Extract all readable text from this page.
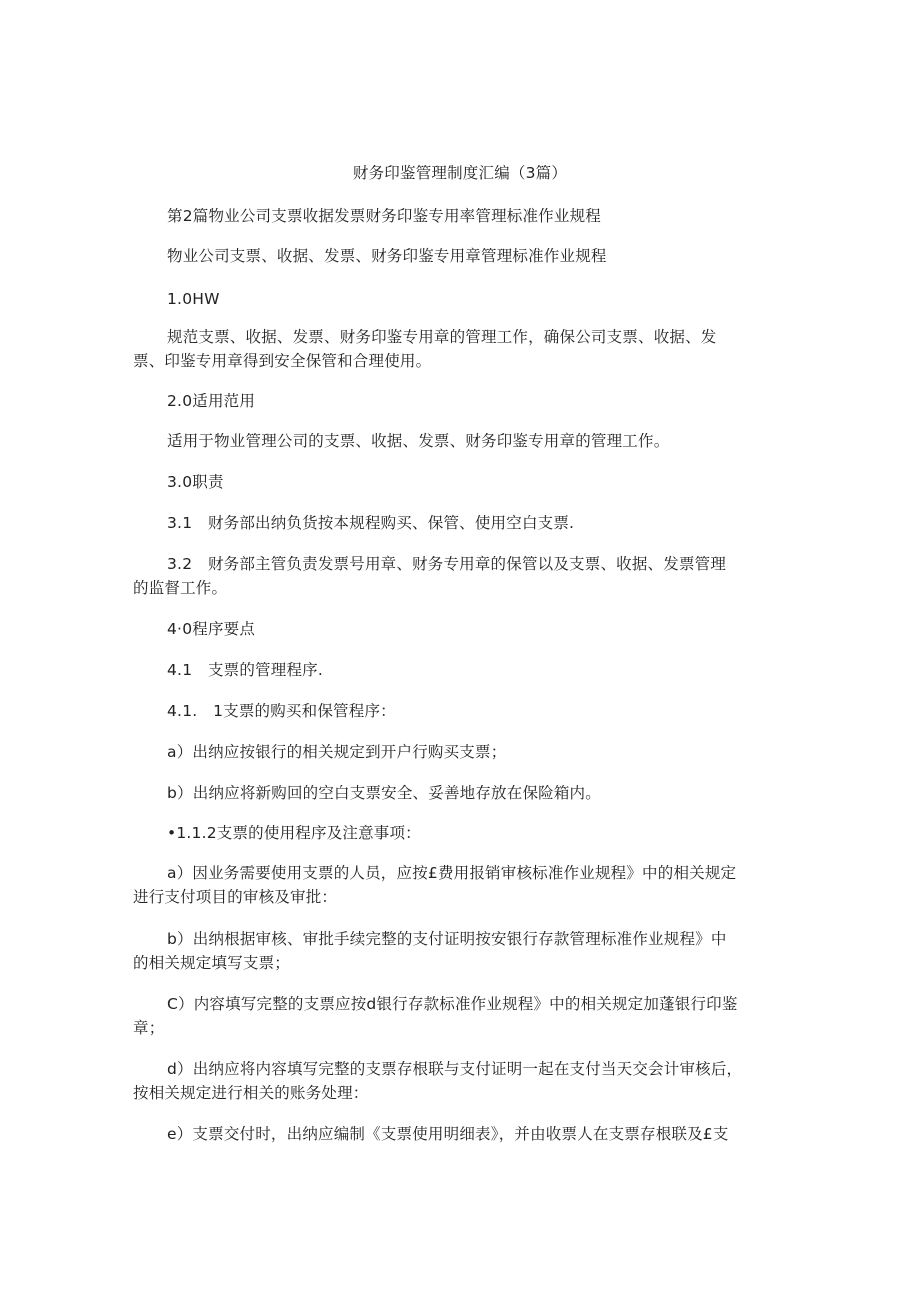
财务印鉴管理制度汇编（3篇）
第2篇物业公司支票收据发票财务印鉴专用率管理标准作业规程
物业公司支票、收据、发票、财务印鉴专用章管理标准作业规程
1.0HW
规范支票、收据、发票、财务印鉴专用章的管理工作，确保公司支票、收据、发
票、印鉴专用章得到安全保管和合理使用。
2.0适用范用
适用于物业管理公司的支票、收据、发票、财务印鉴专用章的管理工作。
3.0职责
3.1　财务部出纳负货按本规程购买、保管、使用空白支票.
3.2　财务部主管负责发票号用章、财务专用章的保管以及支票、收据、发票管理
的监督工作。
4·0程序要点
4.1　支票的管理程序.
4.1.　1支票的购买和保管程序：
a）出纳应按银行的相关规定到开户行购买支票；
b）出纳应将新购回的空白支票安全、妥善地存放在保险箱内。
•1.1.2支票的使用程序及注意事项：
a）因业务需要使用支票的人员，应按£费用报销审核标准作业规程》中的相关规定
进行支付项目的审核及审批：
b）出纳根据审核、审批手续完整的支付证明按安银行存款管理标准作业规程》中
的相关规定填写支票；
C）内容填写完整的支票应按d银行存款标准作业规程》中的相关规定加蓬银行印鉴
章；
d）出纳应将内容填写完整的支票存根联与支付证明一起在支付当天交会计审核后，
按相关规定进行相关的账务处理：
e）支票交付时，出纳应编制《支票使用明细表》，并由收票人在支票存根联及£支
